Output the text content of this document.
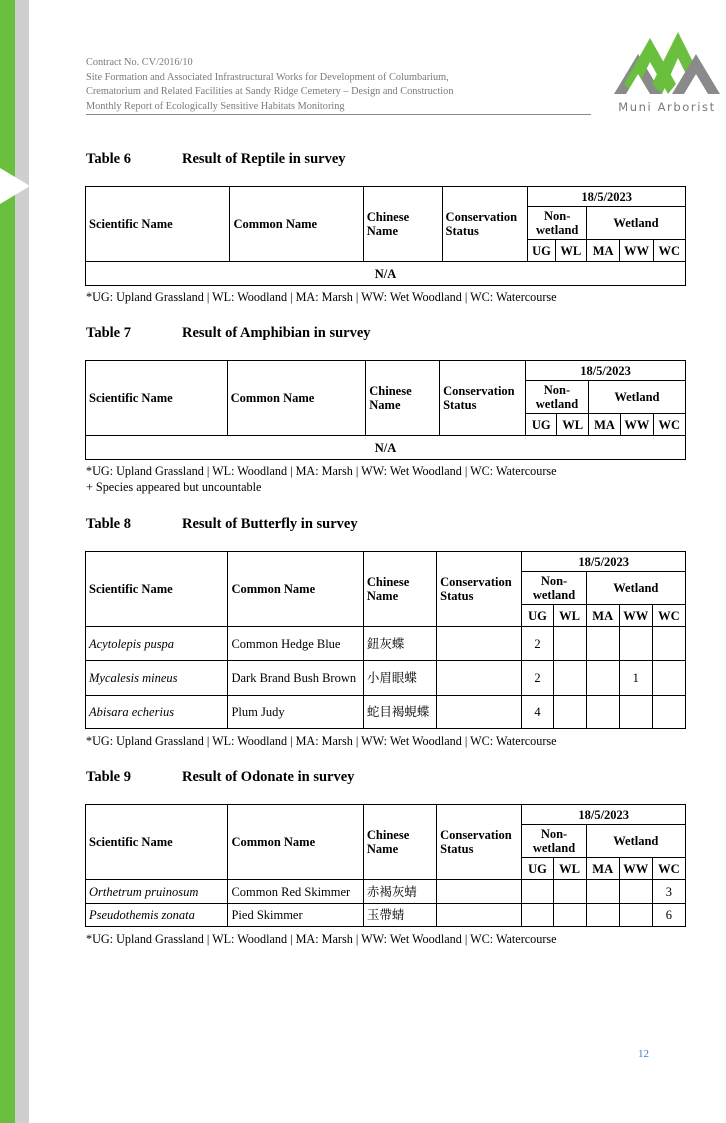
Contract No. CV/2016/10
Site Formation and Associated Infrastructural Works for Development of Columbarium,
Crematorium and Related Facilities at Sandy Ridge Cemetery – Design and Construction
Monthly Report of Ecologically Sensitive Habitats Monitoring	Muni Arborist
Table 6	Result of Reptile in survey
Scientific Name	Common Name	Chinese Name	Conservation Status	18/5/2023				
				Non-wetland		Wetland		
				UG	WL	MA	WW	WC
N/A								
*UG: Upland Grassland | WL: Woodland | MA: Marsh | WW: Wet Woodland | WC: Watercourse
Table 7	Result of Amphibian in survey
Scientific Name	Common Name	Chinese Name	Conservation Status	18/5/2023				
				Non-wetland		Wetland		
				UG	WL	MA	WW	WC
N/A								
*UG: Upland Grassland | WL: Woodland | MA: Marsh | WW: Wet Woodland | WC: Watercourse
+ Species appeared but uncountable
Table 8	Result of Butterfly in survey
Scientific Name	Common Name	Chinese Name	Conservation Status	18/5/2023				
				Non-wetland		Wetland		
				UG	WL	MA	WW	WC
Acytolepis puspa	Common Hedge Blue	鈕灰蝶		2				
Mycalesis mineus	Dark Brand Bush Brown	小眉眼蝶		2			1	
Abisara echerius	Plum Judy	蛇目褐蜆蝶		4				
*UG: Upland Grassland | WL: Woodland | MA: Marsh | WW: Wet Woodland | WC: Watercourse
Table 9	Result of Odonate in survey
Scientific Name	Common Name	Chinese Name	Conservation Status	18/5/2023				
				Non-wetland		Wetland		
				UG	WL	MA	WW	WC
Orthetrum pruinosum	Common Red Skimmer	赤褐灰蜻						3
Pseudothemis zonata	Pied Skimmer	玉帶蜻						6
*UG: Upland Grassland | WL: Woodland | MA: Marsh | WW: Wet Woodland | WC: Watercourse
12
